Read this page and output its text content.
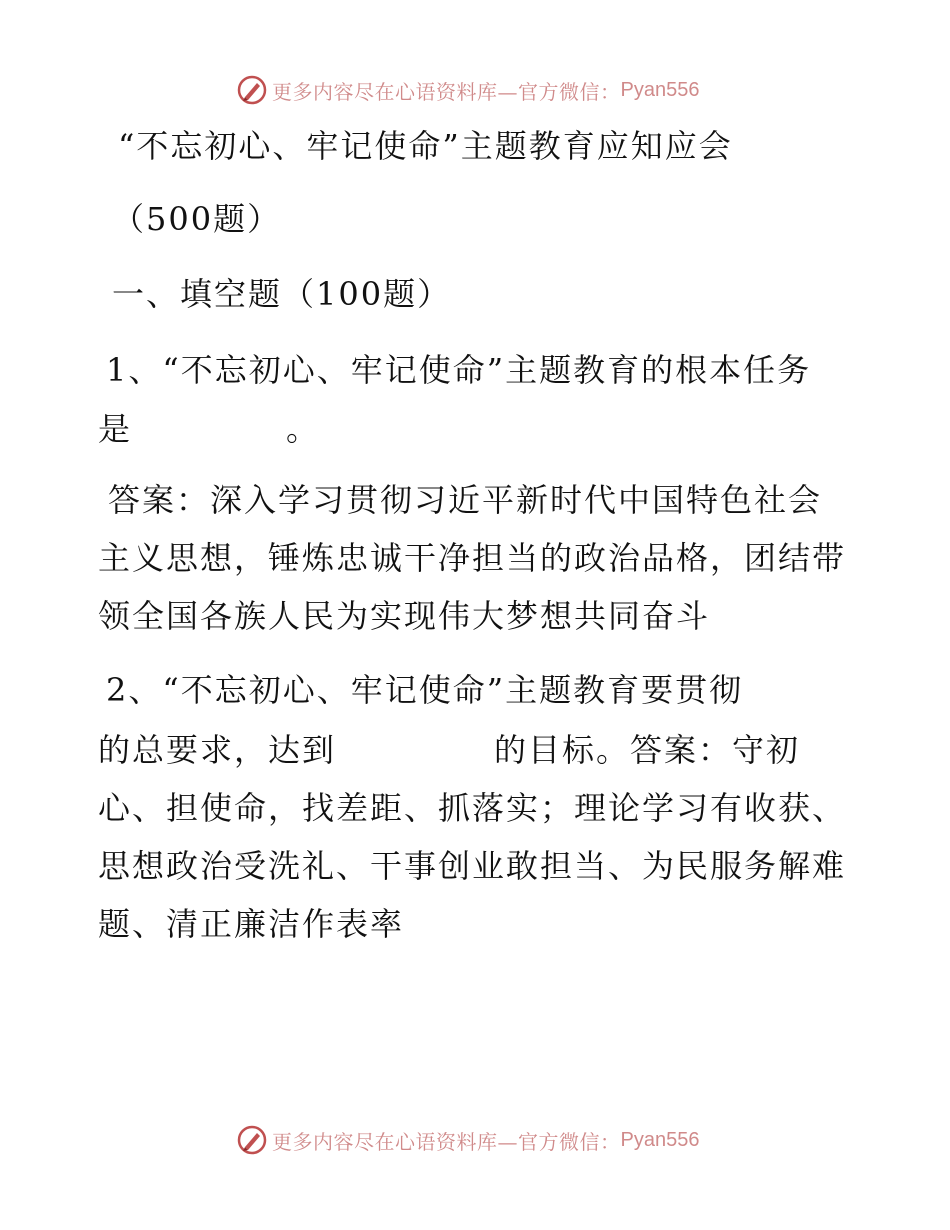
更多内容尽在心语资料库—官方微信： Pyan556
“不忘初心、牢记使命”主题教育应知应会
（500题）
一、填空题（100题）
1、“不忘初心、牢记使命”主题教育的根本任务
是	。
答案：深入学习贯彻习近平新时代中国特色社会
主义思想，锤炼忠诚干净担当的政治品格，团结带
领全国各族人民为实现伟大梦想共同奋斗
2、“不忘初心、牢记使命”主题教育要贯彻
的总要求，达到	的目标。答案：守初
心、担使命，找差距、抓落实；理论学习有收获、
思想政治受洗礼、干事创业敢担当、为民服务解难
题、清正廉洁作表率
更多内容尽在心语资料库—官方微信： Pyan556
